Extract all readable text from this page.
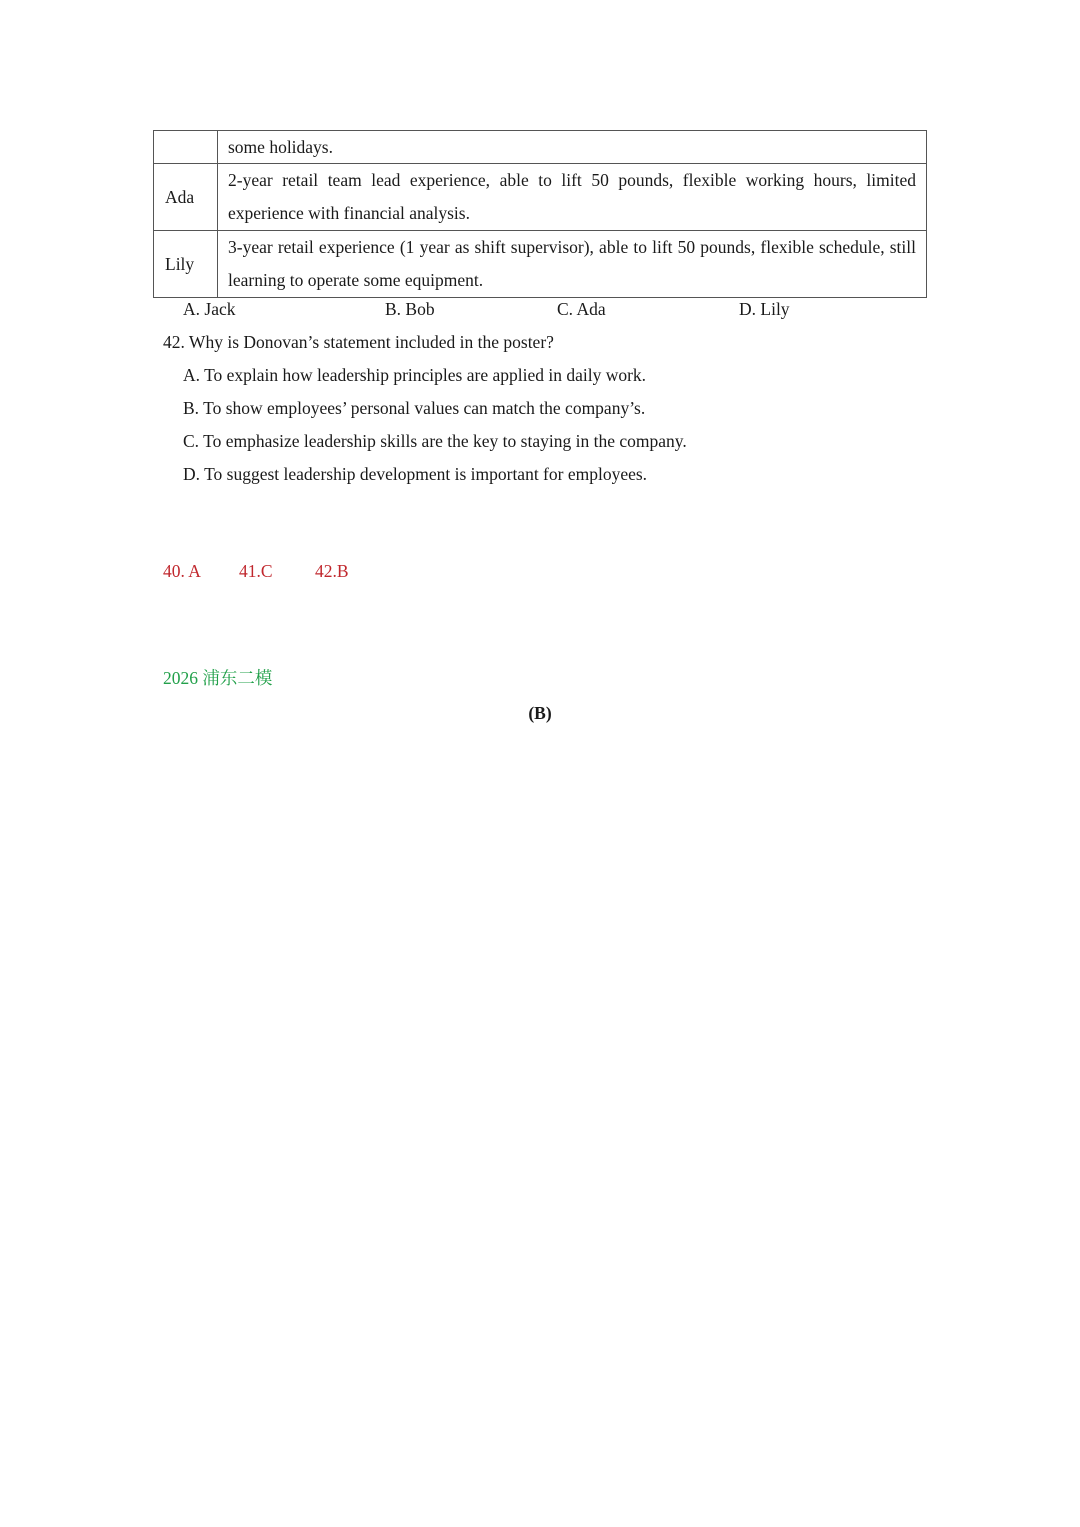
	some holidays.
Ada	2-year retail team lead experience, able to lift 50 pounds, flexible working hours, limited experience with financial analysis.
Lily	3-year retail experience (1 year as shift supervisor), able to lift 50 pounds, flexible schedule, still learning to operate some equipment.
A. Jack	B. Bob	C. Ada	D. Lily
42. Why is Donovan’s statement included in the poster?
A. To explain how leadership principles are applied in daily work.
B. To show employees’ personal values can match the company’s.
C. To emphasize leadership skills are the key to staying in the company.
D. To suggest leadership development is important for employees.
40. A 41.C 42.B
2026 浦东二模
(B)
